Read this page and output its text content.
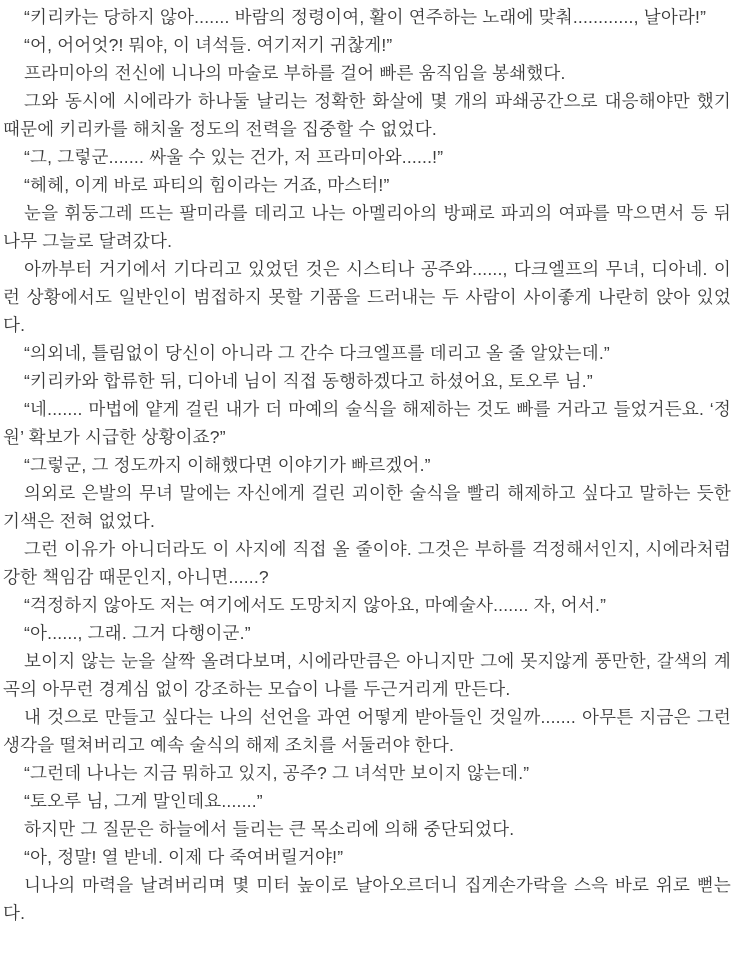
“키리카는 당하지 않아....... 바람의 정령이여, 활이 연주하는 노래에 맞춰............, 날아라!”

“어, 어어엇?! 뭐야, 이 녀석들. 여기저기 귀찮게!”

프라미아의 전신에 니나의 마술로 부하를 걸어 빠른 움직임을 봉쇄했다.

그와 동시에 시에라가 하나둘 날리는 정확한 화살에 몇 개의 파쇄공간으로 대응해야만 했기 때문에 키리카를 해치울 정도의 전력을 집중할 수 없었다.

“그, 그렇군....... 싸울 수 있는 건가, 저 프라미아와......!”

“헤헤, 이게 바로 파티의 힘이라는 거죠, 마스터!”

눈을 휘둥그레 뜨는 팔미라를 데리고 나는 아멜리아의 방패로 파괴의 여파를 막으면서 등 뒤 나무 그늘로 달려갔다.

아까부터 거기에서 기다리고 있었던 것은 시스티나 공주와......, 다크엘프의 무녀, 디아네. 이런 상황에서도 일반인이 범접하지 못할 기품을 드러내는 두 사람이 사이좋게 나란히 앉아 있었다.

“의외네, 틀림없이 당신이 아니라 그 간수 다크엘프를 데리고 올 줄 알았는데.”

“키리카와 합류한 뒤, 디아네 님이 직접 동행하겠다고 하셨어요, 토오루 님.”

“네....... 마법에 얕게 걸린 내가 더 마예의 술식을 해제하는 것도 빠를 거라고 들었거든요. ‘정원’ 확보가 시급한 상황이죠?”

“그렇군, 그 정도까지 이해했다면 이야기가 빠르겠어.”

의외로 은발의 무녀 말에는 자신에게 걸린 괴이한 술식을 빨리 해제하고 싶다고 말하는 듯한 기색은 전혀 없었다.

그런 이유가 아니더라도 이 사지에 직접 올 줄이야. 그것은 부하를 걱정해서인지, 시에라처럼 강한 책임감 때문인지, 아니면......?

“걱정하지 않아도 저는 여기에서도 도망치지 않아요, 마예술사....... 자, 어서.”

“아......, 그래. 그거 다행이군.”

보이지 않는 눈을 살짝 올려다보며, 시에라만큼은 아니지만 그에 못지않게 풍만한, 갈색의 계곡의 아무런 경계심 없이 강조하는 모습이 나를 두근거리게 만든다.

내 것으로 만들고 싶다는 나의 선언을 과연 어떻게 받아들인 것일까....... 아무튼 지금은 그런 생각을 떨쳐버리고 예속 술식의 해제 조치를 서둘러야 한다.

“그런데 나나는 지금 뭐하고 있지, 공주? 그 녀석만 보이지 않는데.”

“토오루 님, 그게 말인데요.......”

하지만 그 질문은 하늘에서 들리는 큰 목소리에 의해 중단되었다.

“아, 정말! 열 받네. 이제 다 죽여버릴거야!”

니나의 마력을 날려버리며 몇 미터 높이로 날아오르더니 집게손가락을 스윽 바로 위로 뻗는다.
